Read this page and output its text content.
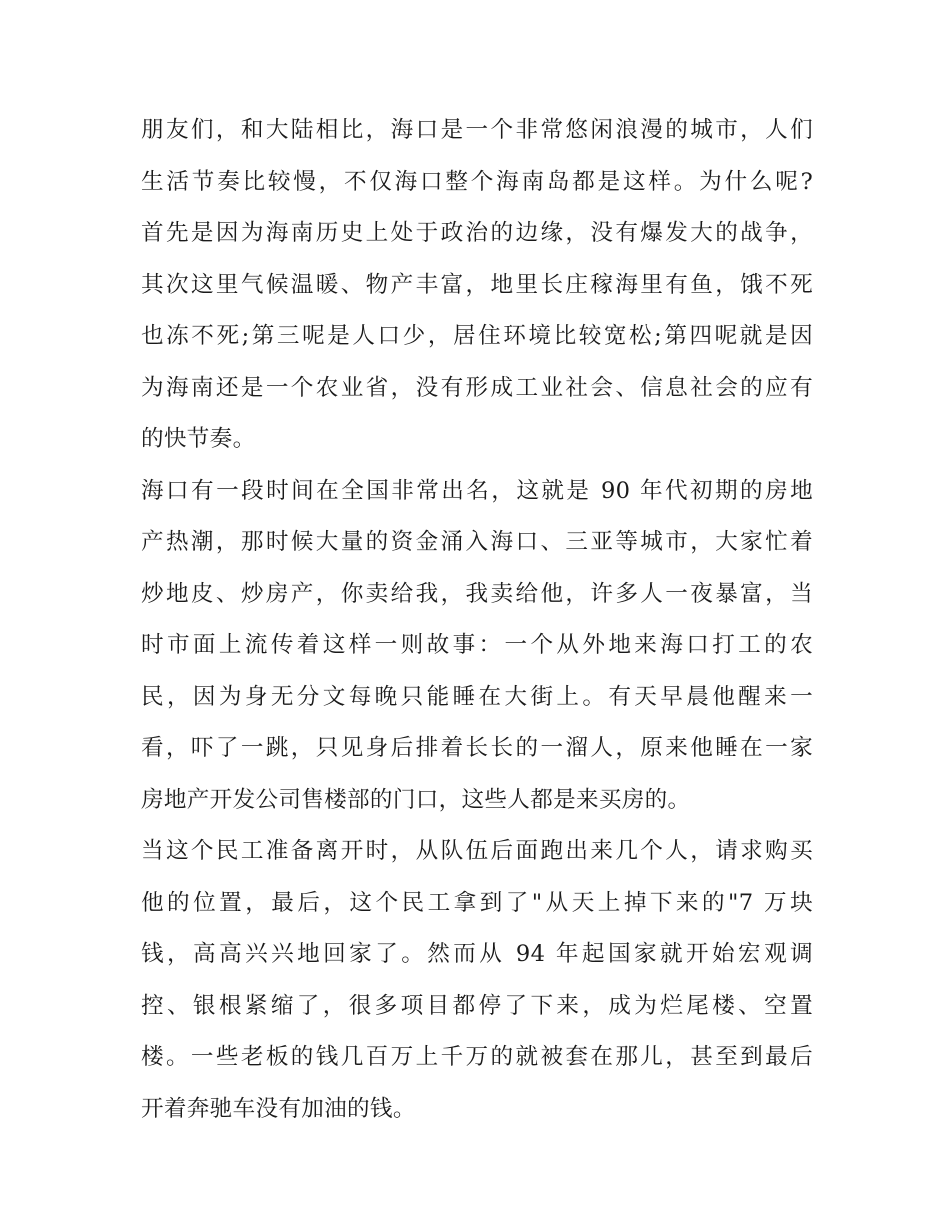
朋友们，和大陆相比，海口是一个非常悠闲浪漫的城市，人们
生活节奏比较慢，不仅海口整个海南岛都是这样。为什么呢?
首先是因为海南历史上处于政治的边缘，没有爆发大的战争，
其次这里气候温暖、物产丰富，地里长庄稼海里有鱼，饿不死
也冻不死;第三呢是人口少，居住环境比较宽松;第四呢就是因
为海南还是一个农业省，没有形成工业社会、信息社会的应有
的快节奏。
海口有一段时间在全国非常出名，这就是 90 年代初期的房地
产热潮，那时候大量的资金涌入海口、三亚等城市，大家忙着
炒地皮、炒房产，你卖给我，我卖给他，许多人一夜暴富，当
时市面上流传着这样一则故事：一个从外地来海口打工的农
民，因为身无分文每晚只能睡在大街上。有天早晨他醒来一
看，吓了一跳，只见身后排着长长的一溜人，原来他睡在一家
房地产开发公司售楼部的门口，这些人都是来买房的。
当这个民工准备离开时，从队伍后面跑出来几个人，请求购买
他的位置，最后，这个民工拿到了"从天上掉下来的"7 万块
钱，高高兴兴地回家了。然而从 94 年起国家就开始宏观调
控、银根紧缩了，很多项目都停了下来，成为烂尾楼、空置
楼。一些老板的钱几百万上千万的就被套在那儿，甚至到最后
开着奔驰车没有加油的钱。
